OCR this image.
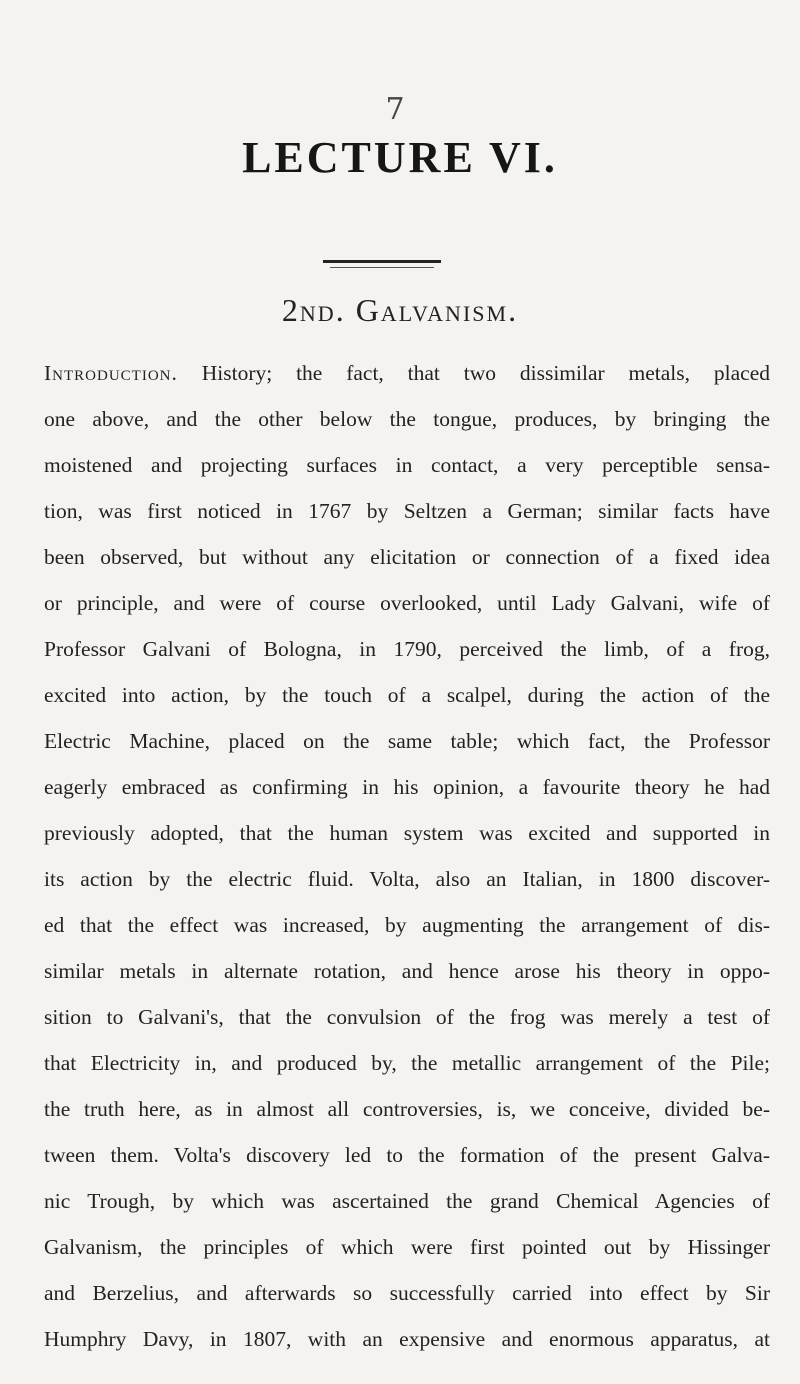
7
LECTURE VI.
2nd. Galvanism.
Introduction. History; the fact, that two dissimilar metals, placed
one above, and the other below the tongue, produces, by bringing the
moistened and projecting surfaces in contact, a very perceptible sensa-
tion, was first noticed in 1767 by Seltzen a German; similar facts have
been observed, but without any elicitation or connection of a fixed idea
or principle, and were of course overlooked, until Lady Galvani, wife of
Professor Galvani of Bologna, in 1790, perceived the limb, of a frog,
excited into action, by the touch of a scalpel, during the action of the
Electric Machine, placed on the same table; which fact, the Professor
eagerly embraced as confirming in his opinion, a favourite theory he had
previously adopted, that the human system was excited and supported in
its action by the electric fluid. Volta, also an Italian, in 1800 discover-
ed that the effect was increased, by augmenting the arrangement of dis-
similar metals in alternate rotation, and hence arose his theory in oppo-
sition to Galvani's, that the convulsion of the frog was merely a test of
that Electricity in, and produced by, the metallic arrangement of the Pile;
the truth here, as in almost all controversies, is, we conceive, divided be-
tween them. Volta's discovery led to the formation of the present Galva-
nic Trough, by which was ascertained the grand Chemical Agencies of
Galvanism, the principles of which were first pointed out by Hissinger
and Berzelius, and afterwards so successfully carried into effect by Sir
Humphry Davy, in 1807, with an expensive and enormous apparatus, at
